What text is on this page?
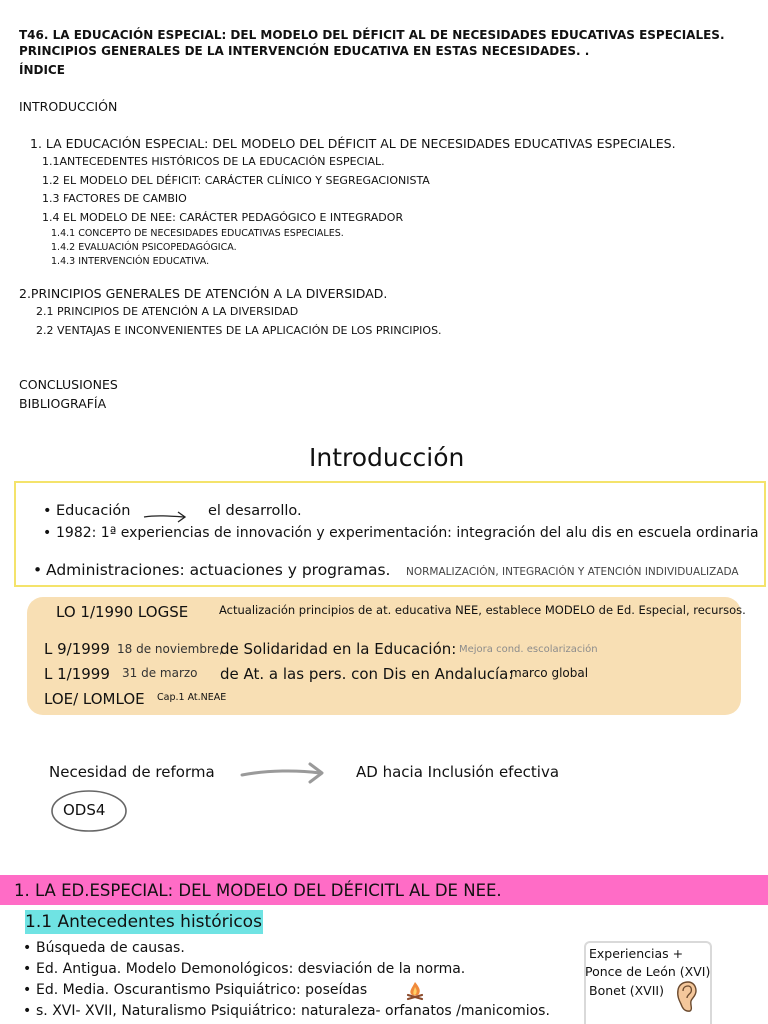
T46. LA EDUCACIÓN ESPECIAL: DEL MODELO DEL DÉFICIT AL DE NECESIDADES EDUCATIVAS ESPECIALES.
PRINCIPIOS GENERALES DE LA INTERVENCIÓN EDUCATIVA EN ESTAS NECESIDADES. .
ÍNDICE
INTRODUCCIÓN
1. LA EDUCACIÓN ESPECIAL: DEL MODELO DEL DÉFICIT AL DE NECESIDADES EDUCATIVAS ESPECIALES.
1.1ANTECEDENTES HISTÓRICOS DE LA EDUCACIÓN ESPECIAL.
1.2 EL MODELO DEL DÉFICIT: CARÁCTER CLÍNICO Y SEGREGACIONISTA
1.3 FACTORES DE CAMBIO
1.4 EL MODELO DE NEE: CARÁCTER PEDAGÓGICO E INTEGRADOR
1.4.1 CONCEPTO DE NECESIDADES EDUCATIVAS ESPECIALES.
1.4.2 EVALUACIÓN PSICOPEDAGÓGICA.
1.4.3 INTERVENCIÓN EDUCATIVA.
2.PRINCIPIOS GENERALES DE ATENCIÓN A LA DIVERSIDAD.
2.1 PRINCIPIOS DE ATENCIÓN A LA DIVERSIDAD
2.2 VENTAJAS E INCONVENIENTES DE LA APLICACIÓN DE LOS PRINCIPIOS.
CONCLUSIONES
BIBLIOGRAFÍA
Introducción
• Educación	el desarrollo.
• 1982: 1ª experiencias de innovación y experimentación: integración del alu dis en escuela ordinaria
• Administraciones: actuaciones y programas. NORMALIZACIÓN, INTEGRACIÓN Y ATENCIÓN INDIVIDUALIZADA
LO 1/1990 LOGSE	Actualización principios de at. educativa NEE, establece MODELO de Ed. Especial, recursos.
L 9/1999 18 de noviembre,
de Solidaridad en la Educación: Mejora cond. escolarización
L 1/1999 31 de marzo de At. a las pers. con Dis en Andalucía:
marco global
LOE/ LOMLOE Cap.1 At.NEAE
Necesidad de reforma	AD hacia Inclusión efectiva
ODS4
1. LA ED.ESPECIAL: DEL MODELO DEL DÉFICITL AL DE NEE.
1.1 Antecedentes históricos
• Búsqueda de causas.
• Ed. Antigua. Modelo Demonológicos: desviación de la norma.
• Ed. Media. Oscurantismo Psiquiátrico: poseídas
• s. XVI- XVII, Naturalismo Psiquiátrico: naturaleza- orfanatos /manicomios.
Experiencias +
Ponce de León (XVI)
Bonet (XVII)
